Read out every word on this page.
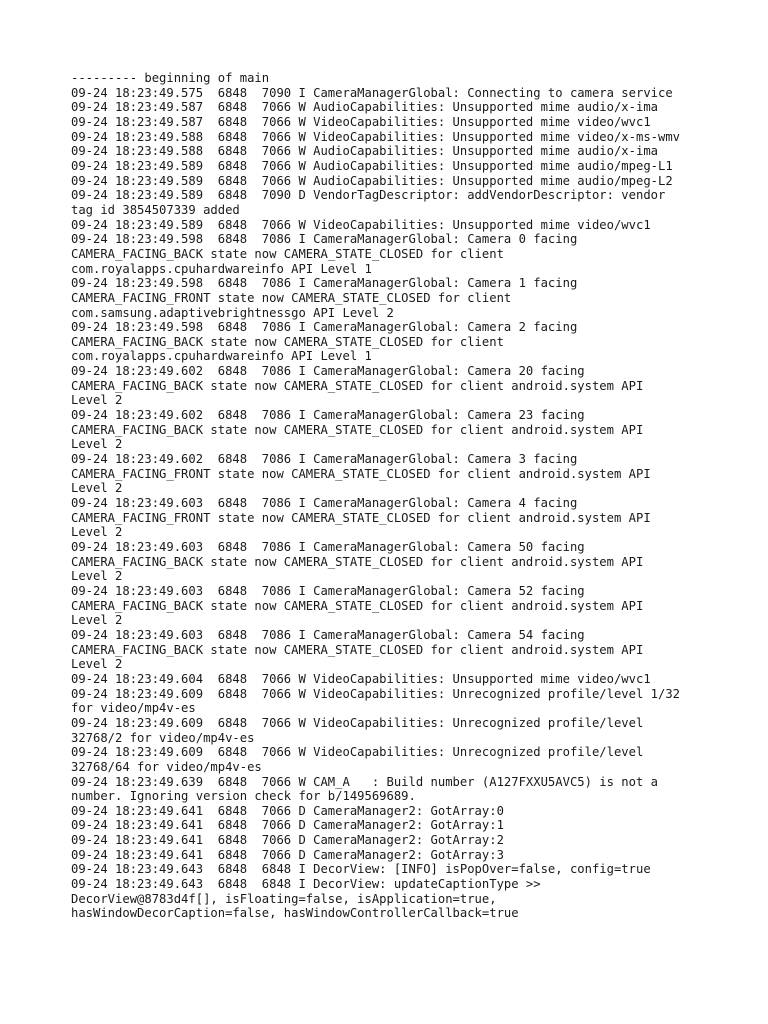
--------- beginning of main
09-24 18:23:49.575  6848  7090 I CameraManagerGlobal: Connecting to camera service
09-24 18:23:49.587  6848  7066 W AudioCapabilities: Unsupported mime audio/x-ima
09-24 18:23:49.587  6848  7066 W VideoCapabilities: Unsupported mime video/wvc1
09-24 18:23:49.588  6848  7066 W VideoCapabilities: Unsupported mime video/x-ms-wmv
09-24 18:23:49.588  6848  7066 W AudioCapabilities: Unsupported mime audio/x-ima
09-24 18:23:49.589  6848  7066 W AudioCapabilities: Unsupported mime audio/mpeg-L1
09-24 18:23:49.589  6848  7066 W AudioCapabilities: Unsupported mime audio/mpeg-L2
09-24 18:23:49.589  6848  7090 D VendorTagDescriptor: addVendorDescriptor: vendor
tag id 3854507339 added
09-24 18:23:49.589  6848  7066 W VideoCapabilities: Unsupported mime video/wvc1
09-24 18:23:49.598  6848  7086 I CameraManagerGlobal: Camera 0 facing
CAMERA_FACING_BACK state now CAMERA_STATE_CLOSED for client
com.royalapps.cpuhardwareinfo API Level 1
09-24 18:23:49.598  6848  7086 I CameraManagerGlobal: Camera 1 facing
CAMERA_FACING_FRONT state now CAMERA_STATE_CLOSED for client
com.samsung.adaptivebrightnessgo API Level 2
09-24 18:23:49.598  6848  7086 I CameraManagerGlobal: Camera 2 facing
CAMERA_FACING_BACK state now CAMERA_STATE_CLOSED for client
com.royalapps.cpuhardwareinfo API Level 1
09-24 18:23:49.602  6848  7086 I CameraManagerGlobal: Camera 20 facing
CAMERA_FACING_BACK state now CAMERA_STATE_CLOSED for client android.system API
Level 2
09-24 18:23:49.602  6848  7086 I CameraManagerGlobal: Camera 23 facing
CAMERA_FACING_BACK state now CAMERA_STATE_CLOSED for client android.system API
Level 2
09-24 18:23:49.602  6848  7086 I CameraManagerGlobal: Camera 3 facing
CAMERA_FACING_FRONT state now CAMERA_STATE_CLOSED for client android.system API
Level 2
09-24 18:23:49.603  6848  7086 I CameraManagerGlobal: Camera 4 facing
CAMERA_FACING_FRONT state now CAMERA_STATE_CLOSED for client android.system API
Level 2
09-24 18:23:49.603  6848  7086 I CameraManagerGlobal: Camera 50 facing
CAMERA_FACING_BACK state now CAMERA_STATE_CLOSED for client android.system API
Level 2
09-24 18:23:49.603  6848  7086 I CameraManagerGlobal: Camera 52 facing
CAMERA_FACING_BACK state now CAMERA_STATE_CLOSED for client android.system API
Level 2
09-24 18:23:49.603  6848  7086 I CameraManagerGlobal: Camera 54 facing
CAMERA_FACING_BACK state now CAMERA_STATE_CLOSED for client android.system API
Level 2
09-24 18:23:49.604  6848  7066 W VideoCapabilities: Unsupported mime video/wvc1
09-24 18:23:49.609  6848  7066 W VideoCapabilities: Unrecognized profile/level 1/32
for video/mp4v-es
09-24 18:23:49.609  6848  7066 W VideoCapabilities: Unrecognized profile/level
32768/2 for video/mp4v-es
09-24 18:23:49.609  6848  7066 W VideoCapabilities: Unrecognized profile/level
32768/64 for video/mp4v-es
09-24 18:23:49.639  6848  7066 W CAM_A   : Build number (A127FXXU5AVC5) is not a
number. Ignoring version check for b/149569689.
09-24 18:23:49.641  6848  7066 D CameraManager2: GotArray:0
09-24 18:23:49.641  6848  7066 D CameraManager2: GotArray:1
09-24 18:23:49.641  6848  7066 D CameraManager2: GotArray:2
09-24 18:23:49.641  6848  7066 D CameraManager2: GotArray:3
09-24 18:23:49.643  6848  6848 I DecorView: [INFO] isPopOver=false, config=true
09-24 18:23:49.643  6848  6848 I DecorView: updateCaptionType >>
DecorView@8783d4f[], isFloating=false, isApplication=true,
hasWindowDecorCaption=false, hasWindowControllerCallback=true
